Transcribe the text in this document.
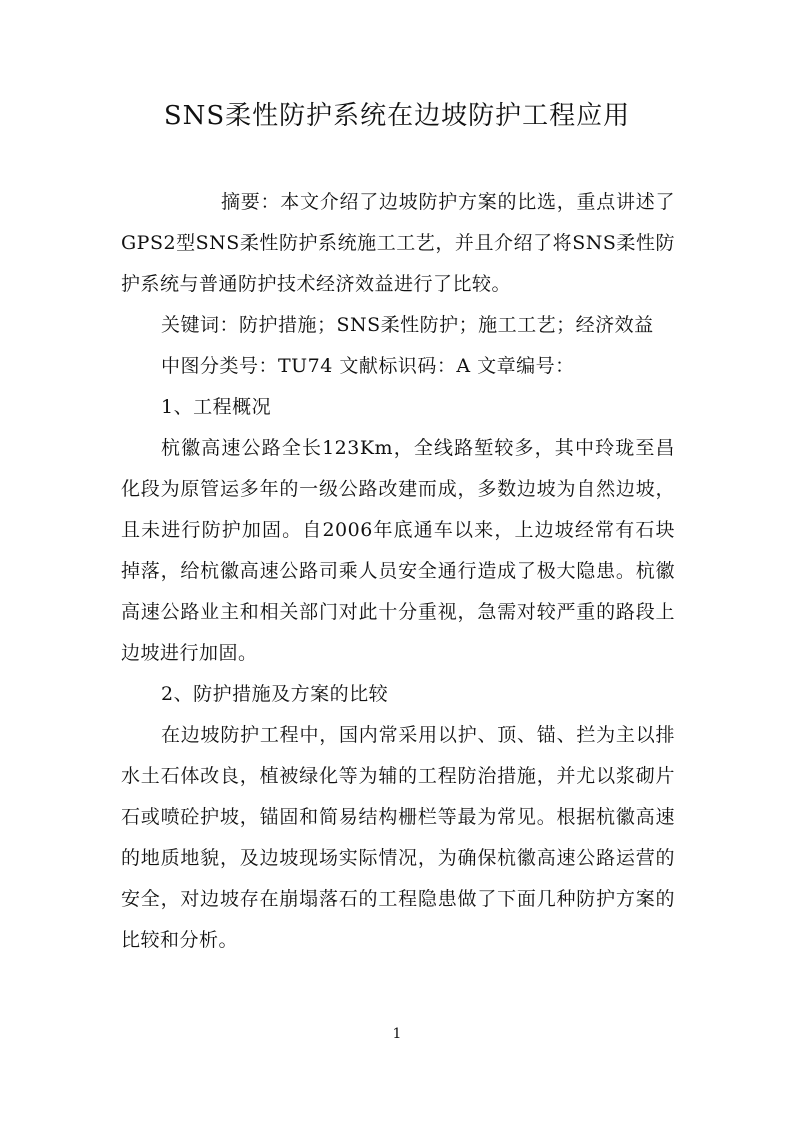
SNS柔性防护系统在边坡防护工程应用

摘要：本文介绍了边坡防护方案的比选，重点讲述了GPS2型SNS柔性防护系统施工工艺，并且介绍了将SNS柔性防护系统与普通防护技术经济效益进行了比较。

关键词：防护措施；SNS柔性防护；施工工艺；经济效益

中图分类号：TU74 文献标识码：A 文章编号：

1、工程概况

杭徽高速公路全长123Km，全线路堑较多，其中玲珑至昌化段为原管运多年的一级公路改建而成，多数边坡为自然边坡，且未进行防护加固。自2006年底通车以来，上边坡经常有石块掉落，给杭徽高速公路司乘人员安全通行造成了极大隐患。杭徽高速公路业主和相关部门对此十分重视，急需对较严重的路段上边坡进行加固。

2、防护措施及方案的比较

在边坡防护工程中，国内常采用以护、顶、锚、拦为主以排水土石体改良，植被绿化等为辅的工程防治措施，并尤以浆砌片石或喷砼护坡，锚固和简易结构栅栏等最为常见。根据杭徽高速的地质地貌，及边坡现场实际情况，为确保杭徽高速公路运营的安全，对边坡存在崩塌落石的工程隐患做了下面几种防护方案的比较和分析。

1
